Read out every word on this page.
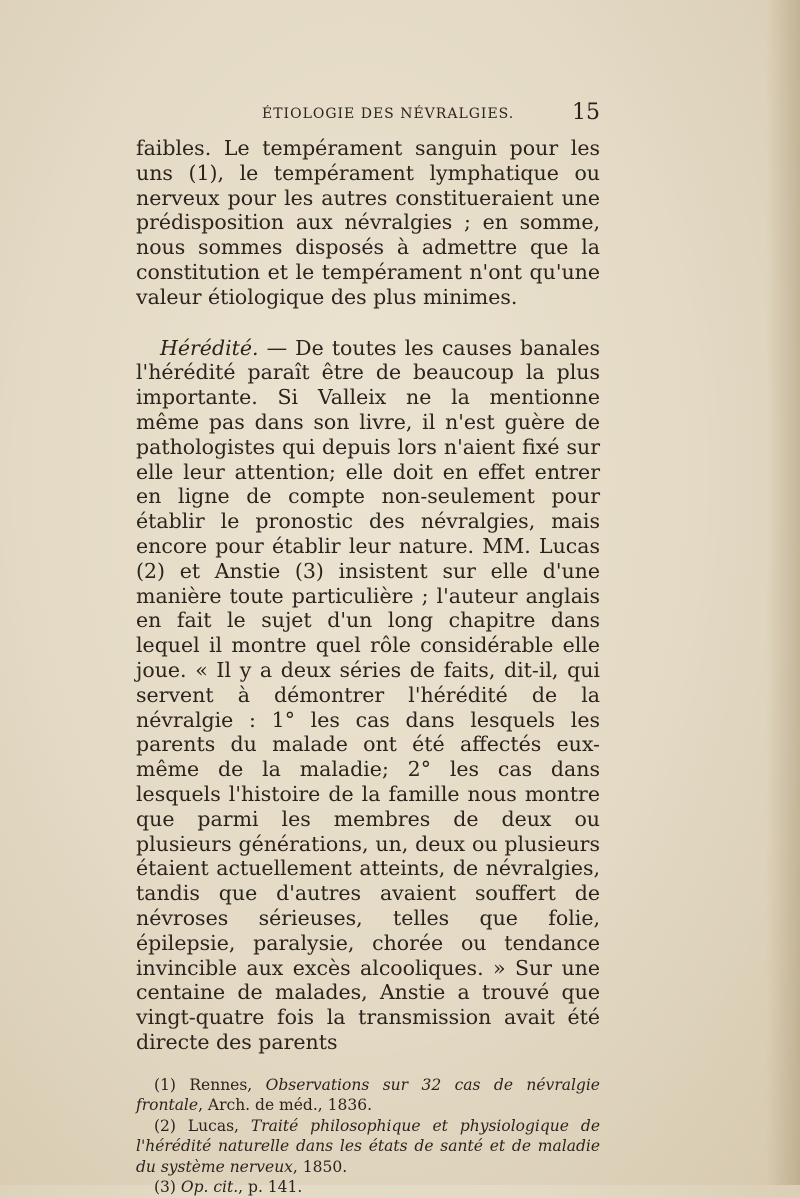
ÉTIOLOGIE DES NÉVRALGIES.	15

faibles. Le tempérament sanguin pour les uns (1), le tempérament lymphatique ou nerveux pour les autres constitueraient une prédisposition aux névralgies ; en somme, nous sommes disposés à admettre que la constitution et le tempérament n'ont qu'une valeur étiologique des plus minimes.

Hérédité. — De toutes les causes banales l'hérédité paraît être de beaucoup la plus importante. Si Valleix ne la mentionne même pas dans son livre, il n'est guère de pathologistes qui depuis lors n'aient fixé sur elle leur attention; elle doit en effet entrer en ligne de compte non-seulement pour établir le pronostic des névralgies, mais encore pour établir leur nature. MM. Lucas (2) et Anstie (3) insistent sur elle d'une manière toute particulière ; l'auteur anglais en fait le sujet d'un long chapitre dans lequel il montre quel rôle considérable elle joue. « Il y a deux séries de faits, dit-il, qui servent à démontrer l'hérédité de la névralgie : 1° les cas dans lesquels les parents du malade ont été affectés eux-même de la maladie; 2° les cas dans lesquels l'histoire de la famille nous montre que parmi les membres de deux ou plusieurs générations, un, deux ou plusieurs étaient actuellement atteints, de névralgies, tandis que d'autres avaient souffert de névroses sérieuses, telles que folie, épilepsie, paralysie, chorée ou tendance invincible aux excès alcooliques. » Sur une centaine de malades, Anstie a trouvé que vingt-quatre fois la transmission avait été directe des parents

(1) Rennes, Observations sur 32 cas de névralgie frontale, Arch. de méd., 1836.

(2) Lucas, Traité philosophique et physiologique de l'hérédité naturelle dans les états de santé et de maladie du système nerveux, 1850.

(3) Op. cit., p. 141.
